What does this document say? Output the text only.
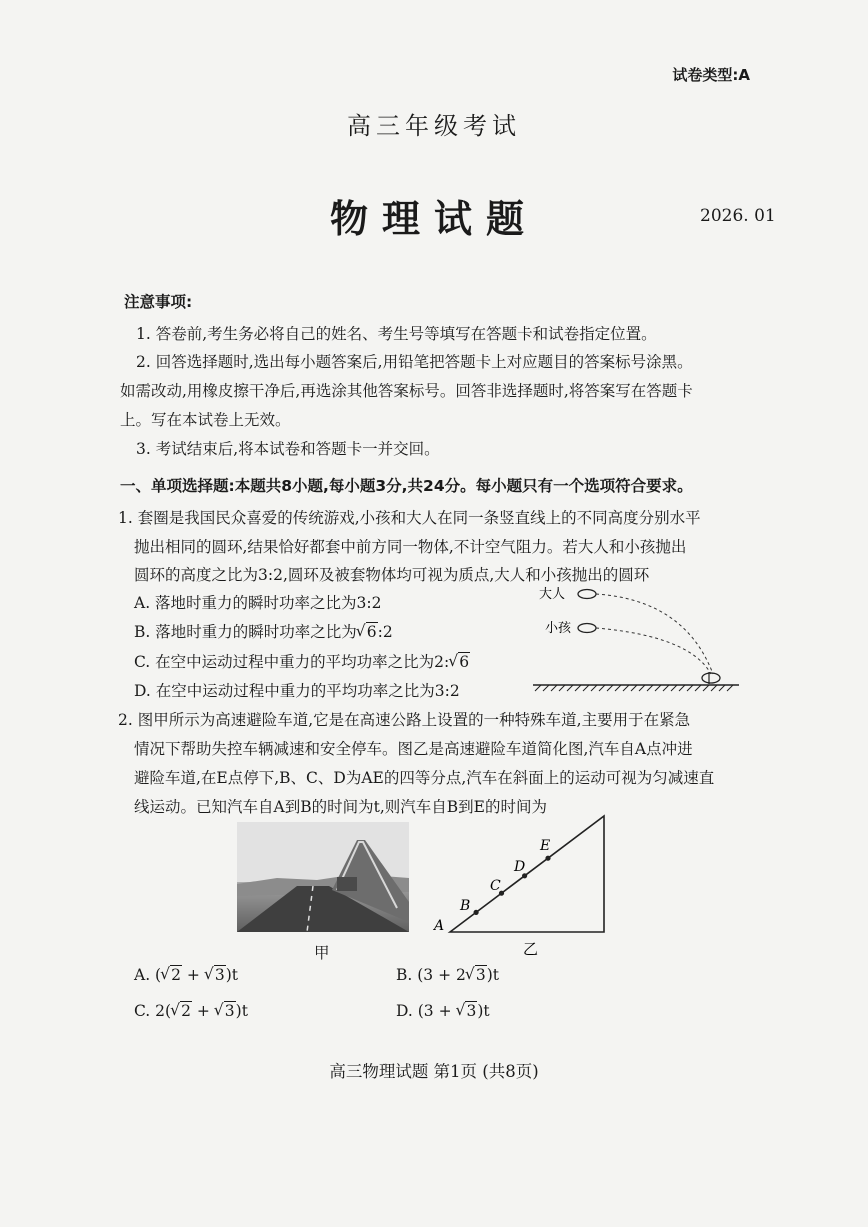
试卷类型:A
高三年级考试
物理试题	2026. 01
注意事项:
1. 答卷前,考生务必将自己的姓名、考生号等填写在答题卡和试卷指定位置。
2. 回答选择题时,选出每小题答案后,用铅笔把答题卡上对应题目的答案标号涂黑。
如需改动,用橡皮擦干净后,再选涂其他答案标号。回答非选择题时,将答案写在答题卡
上。写在本试卷上无效。
3. 考试结束后,将本试卷和答题卡一并交回。
一、单项选择题:本题共8小题,每小题3分,共24分。每小题只有一个选项符合要求。
1. 套圈是我国民众喜爱的传统游戏,小孩和大人在同一条竖直线上的不同高度分别水平
抛出相同的圆环,结果恰好都套中前方同一物体,不计空气阻力。若大人和小孩抛出
圆环的高度之比为3:2,圆环及被套物体均可视为质点,大人和小孩抛出的圆环
A. 落地时重力的瞬时功率之比为3:2
B. 落地时重力的瞬时功率之比为 √ 6:2
C. 在空中运动过程中重力的平均功率之比为2: √ 6
D. 在空中运动过程中重力的平均功率之比为3:2
大人
小孩
2. 图甲所示为高速避险车道,它是在高速公路上设置的一种特殊车道,主要用于在紧急
情况下帮助失控车辆减速和安全停车。图乙是高速避险车道简化图,汽车自A点冲进
避险车道,在E点停下,B、C、D为AE的四等分点,汽车在斜面上的运动可视为匀减速直
线运动。已知汽车自A到B的时间为t,则汽车自B到E的时间为
甲
A
B
C
D
E
乙
A. ( √ 2 + √ 3)t	B. (3 + 2 √ 3)t
C. 2( √ 2 + √ 3)t	D. (3 + √ 3)t
高三物理试题 第1页 (共8页)
